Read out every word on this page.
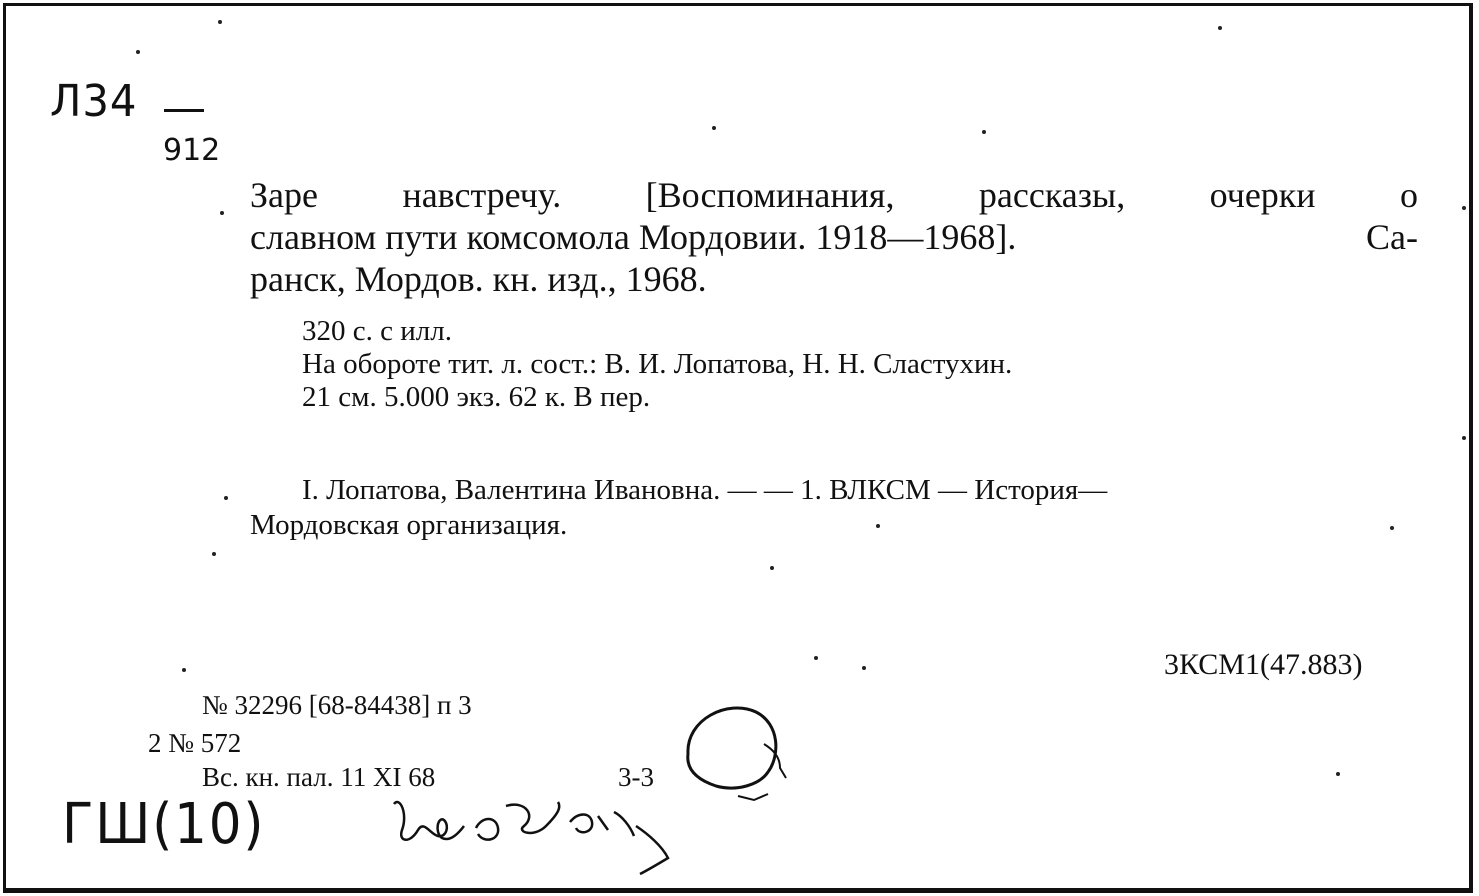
Л34
912
Заре навстречу. [Воспоминания, рассказы, очерки о
славном пути комсомола Мордовии. 1918—1968].	Са-
ранск, Мордов. кн. изд., 1968.
320 с. с илл.
На обороте тит. л. сост.: В. И. Лопатова, Н. Н. Сластухин.
21 см. 5.000 экз. 62 к. В пер.
I. Лопатова, Валентина Ивановна. — — 1. ВЛКСМ — История—
Мордовская организация.
3КСМ1(47.883)
№ 32296 [68-84438] п 3
2 № 572
Вс. кн. пал. 11 XI 68	3-3
ГШ(10)
